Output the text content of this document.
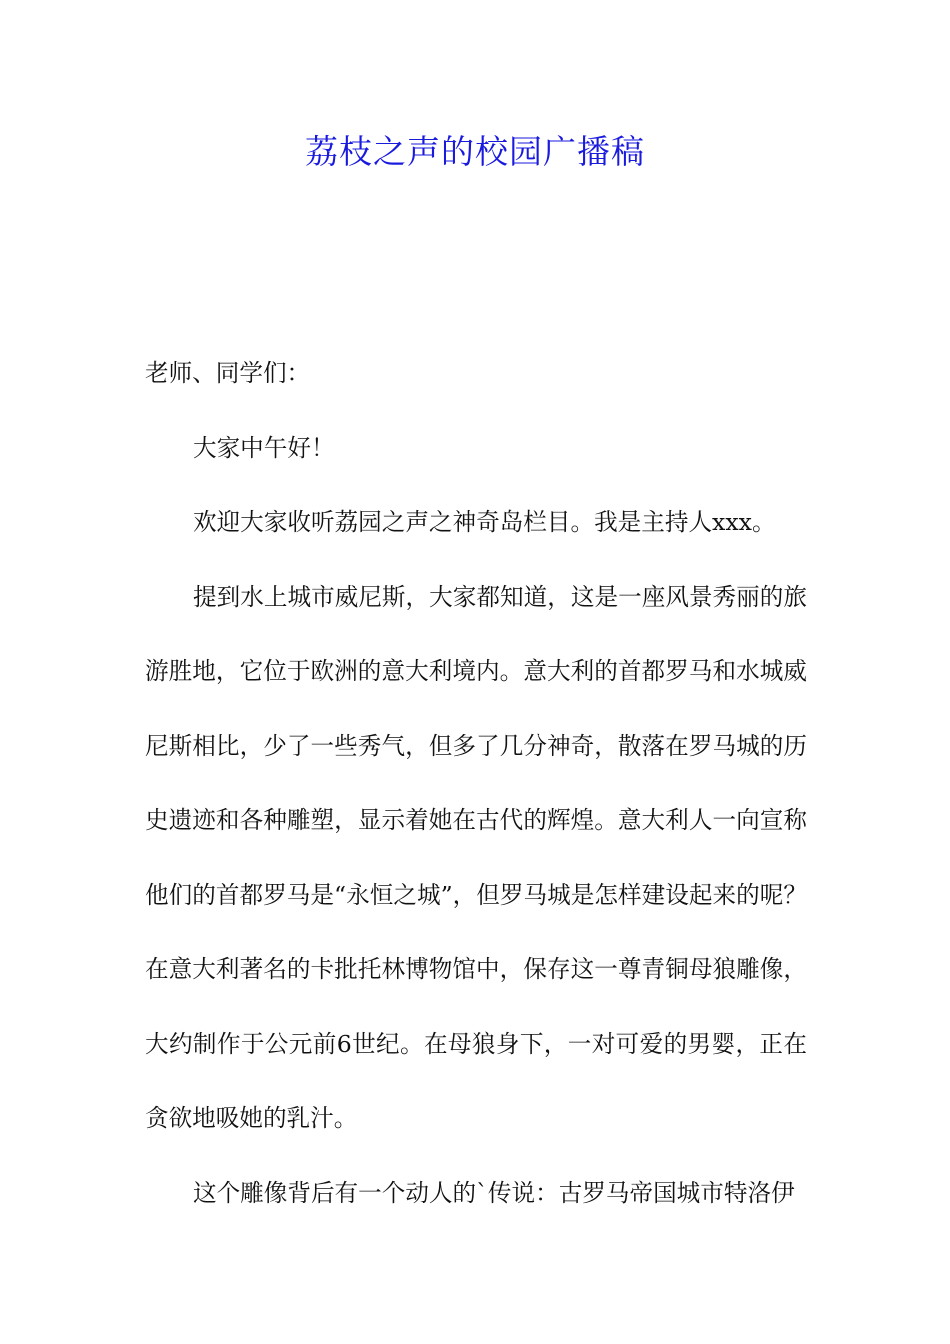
荔枝之声的校园广播稿

老师、同学们：

大家中午好！

欢迎大家收听荔园之声之神奇岛栏目。我是主持人xxx。

提到水上城市威尼斯，大家都知道，这是一座风景秀丽的旅游胜地，它位于欧洲的意大利境内。意大利的首都罗马和水城威尼斯相比，少了一些秀气，但多了几分神奇，散落在罗马城的历史遗迹和各种雕塑，显示着她在古代的辉煌。意大利人一向宣称他们的首都罗马是“永恒之城”，但罗马城是怎样建设起来的呢？在意大利著名的卡批托林博物馆中，保存这一尊青铜母狼雕像，大约制作于公元前6世纪。在母狼身下，一对可爱的男婴，正在贪欲地吸她的乳汁。

这个雕像背后有一个动人的`传说：古罗马帝国城市特洛伊
